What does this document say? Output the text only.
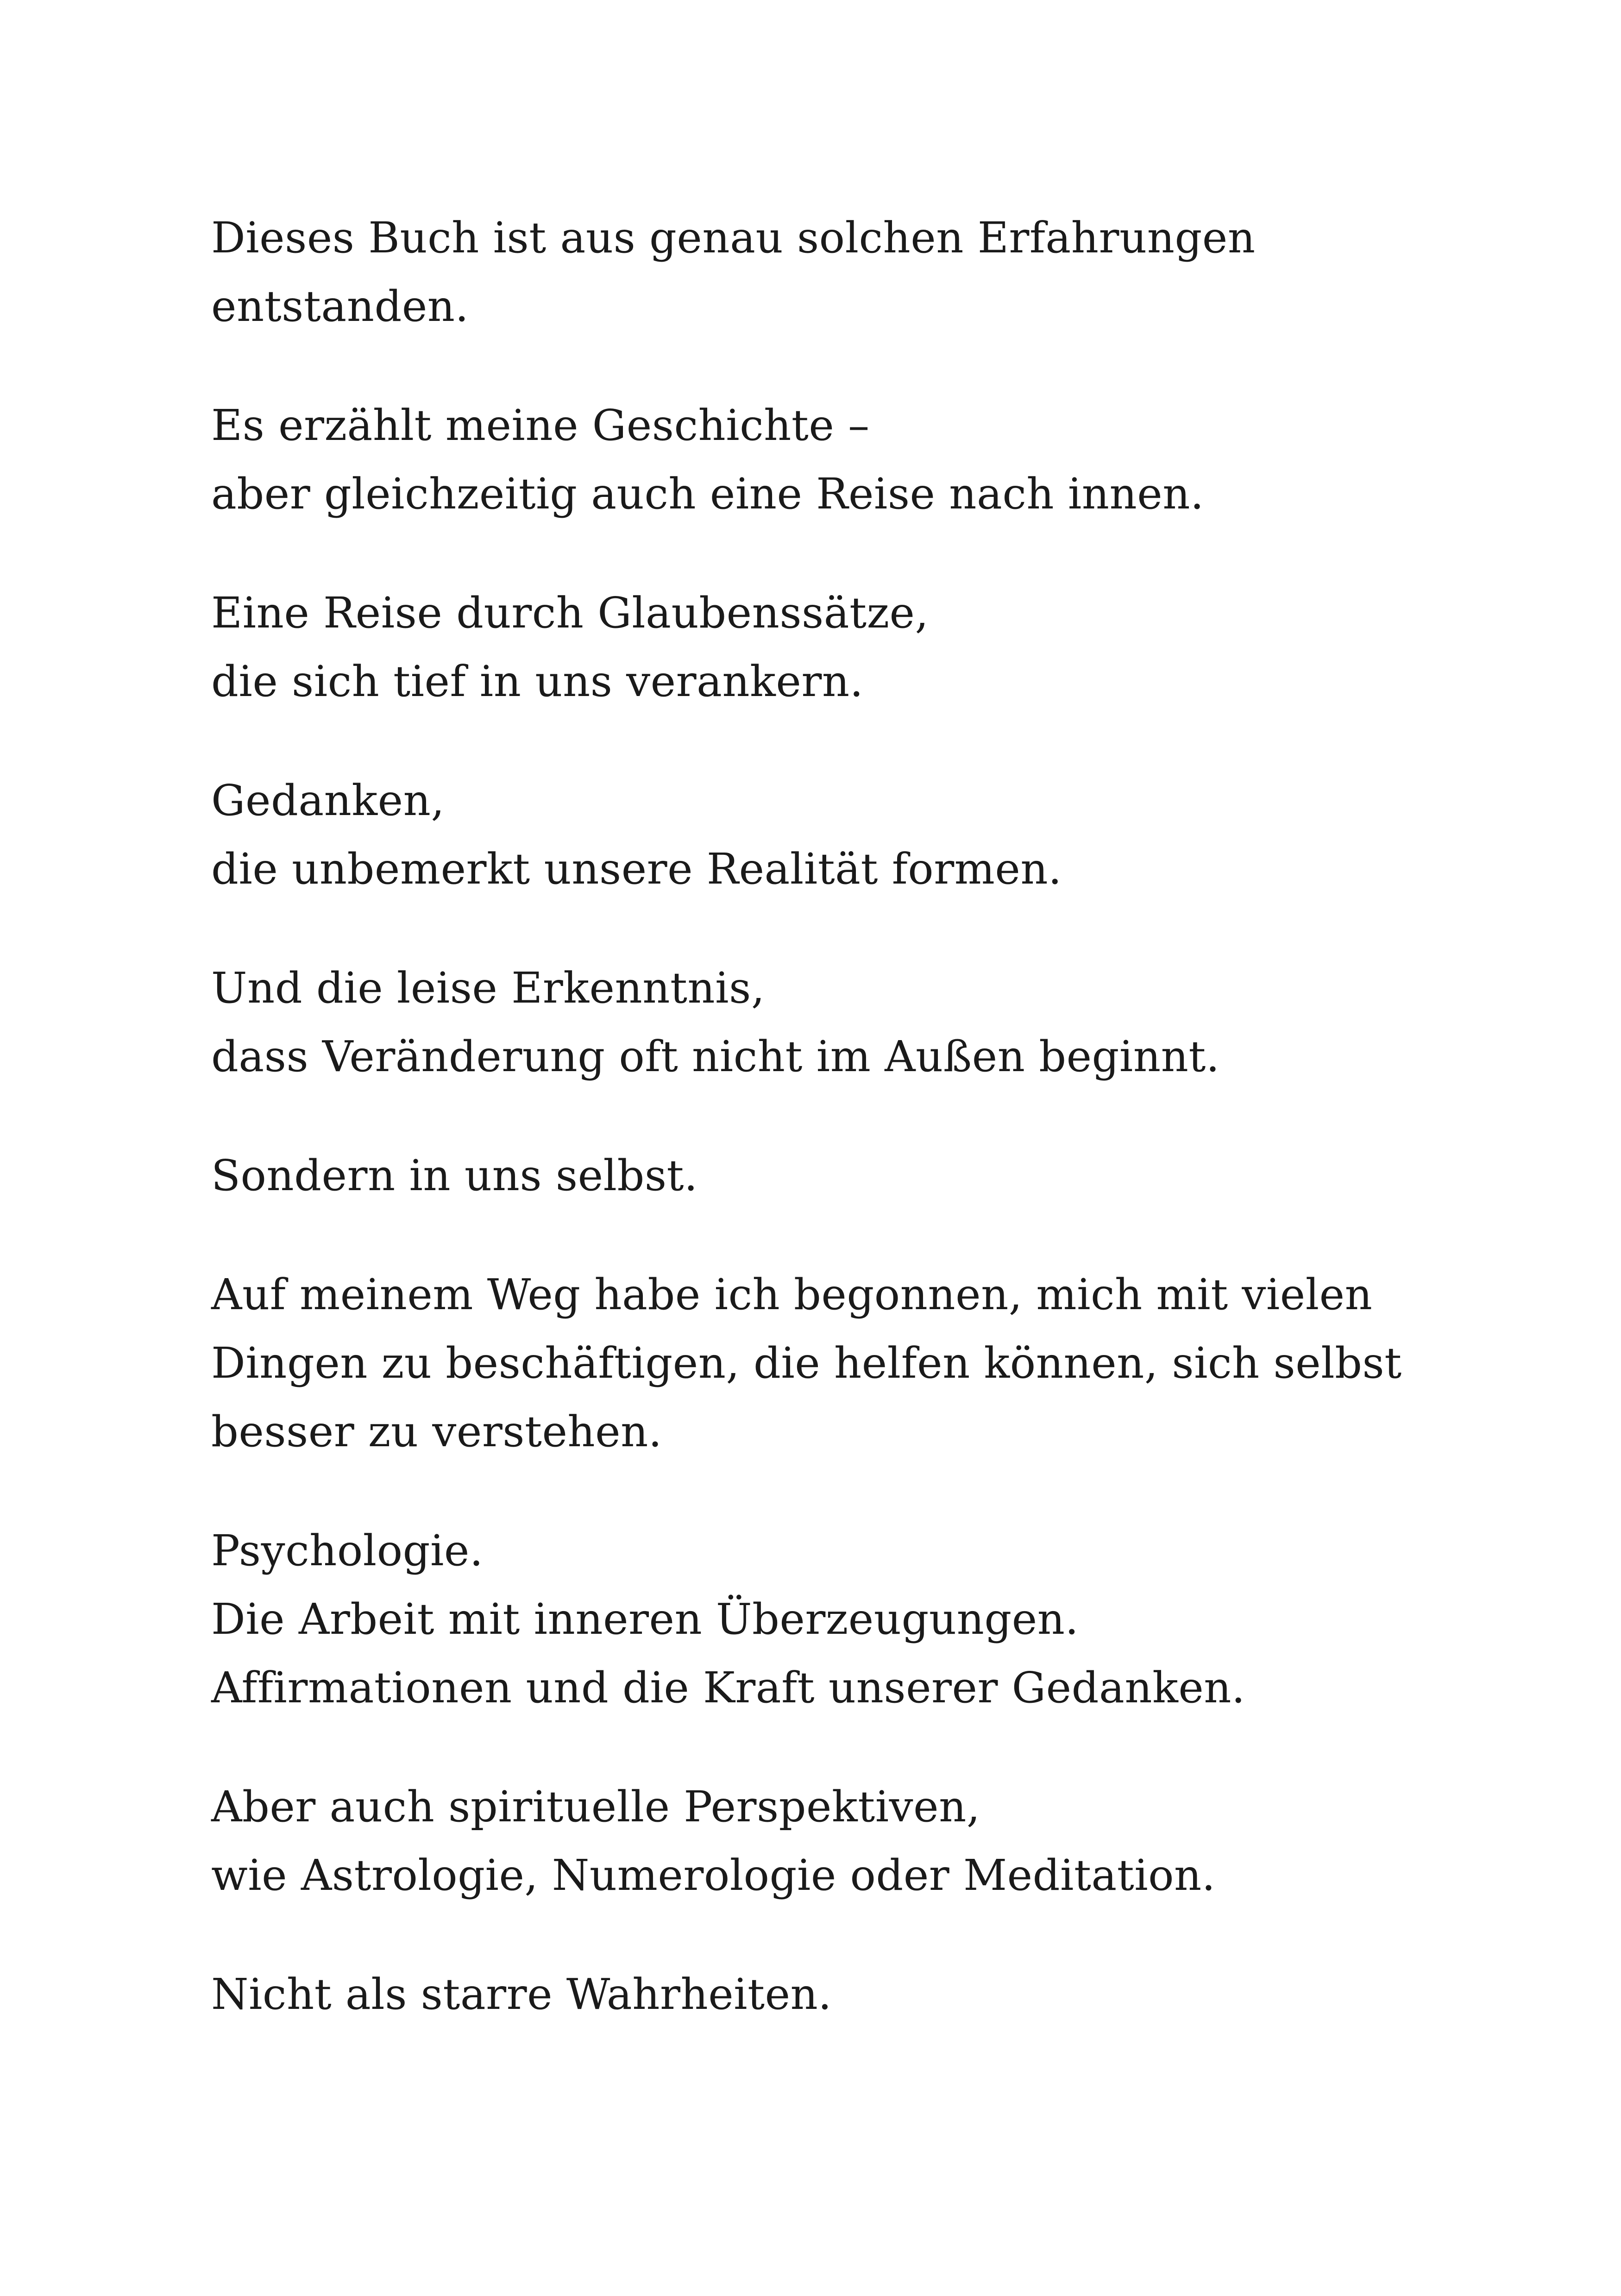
Dieses Buch ist aus genau solchen Erfahrungen
entstanden.

Es erzählt meine Geschichte –
aber gleichzeitig auch eine Reise nach innen.

Eine Reise durch Glaubenssätze,
die sich tief in uns verankern.

Gedanken,
die unbemerkt unsere Realität formen.

Und die leise Erkenntnis,
dass Veränderung oft nicht im Außen beginnt.

Sondern in uns selbst.

Auf meinem Weg habe ich begonnen, mich mit vielen
Dingen zu beschäftigen, die helfen können, sich selbst
besser zu verstehen.

Psychologie.
Die Arbeit mit inneren Überzeugungen.
Affirmationen und die Kraft unserer Gedanken.

Aber auch spirituelle Perspektiven,
wie Astrologie, Numerologie oder Meditation.

Nicht als starre Wahrheiten.
